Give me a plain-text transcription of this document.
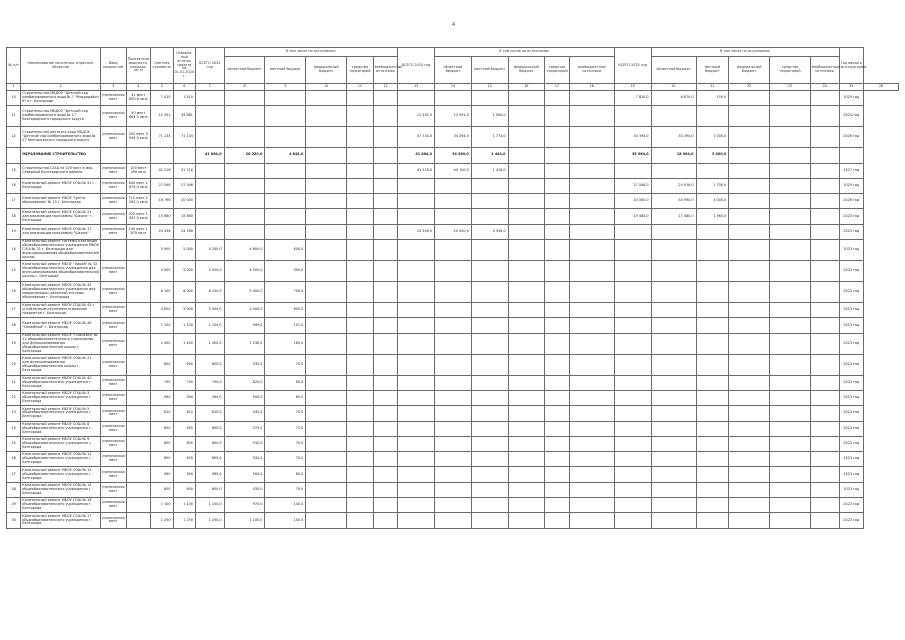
4
№ п/п	Наименование поселения, отраслей, объектов	Ввод мощностей	Показатели мощности, площадь, кв. м	Сметная стоимость	Освоено-ный остаток средств на 01.01.2020 г.	ВСЕГО 2023 год	В том числе по источникам:					ВСЕГО 2024 год	В том числе по источникам:					ВСЕГО 2025 год	В том числе по источникам:					Год ввода в эксплуатацию	
							областной бюджет	местный бюджет	федеральный бюджет	средства территорий	внебюджетные источники		областной бюджет	местный бюджет	федеральный бюджет	средства территорий	внебюджетные источники		областной бюджет	местный бюджет	федеральный бюджет	средства территорий	внебюджетные источники		
1	2	3	4	5	6	7	8	9	10	11	12	13	14	15	16	17	18	19	20	21	22	23	24	25	26
10	Строительство МБДОУ "Детский сад комбинированного вида № 7 "Микрорайон 6" в г. Белгороде	ученических мест	41 мест 650,8 кв.м	7 410	1 410													7 820,0	6 670,0	150,0				2025 год	
11	Строительство МБДОУ "Детский сад комбинированного вида № 17 Белгородского городского округа	ученических мест	40 мест 664,5 кв.м	12 591	34 881							12 591,0	12 591,0	1 000,0										2024 год	
12	Строительство детского сада МБДОУ "Детский сад комбинированного вида № 27 Белгородского городского округа	ученических мест	200 мест 3 594,0 кв.м	71 134	71 134							47 734,0	34 394,0	1 774,0				34 394,0	30 394,0	1 000,0				2026 год	
	ОБРАЗОВАНИЕ СТРОИТЕЛЬСТВО					41 064,0	28 220,0	4 844,0				41 064,0	34 080,0	2 444,0				35 064,0	18 064,0	3 000,0					
15	Строительство СОШ на 100 мест в мкр. Северный Белгородского района	ученических мест	100 мест 490 кв.м	41 216	41 216							41 216,0	40 100,0	1 416,0										2027 год	
16	Капитальный ремонт МБОУ СОШ № 41 г. Белгорода	ученических мест	840 мест 1 675,0 кв.м	27 546	27 546													27 546,0	24 916,0	2 700,0				2025 год	
17	Капитальный ремонт МБОУ "Центр образования" № 13 г. Белгорода	ученических мест	710 мест 1 262,4 кв.м	16 796	20 000													20 000,0	34 990,0	3 000,0				2026 год	
18	Капитальный ремонт МБОУ СОШ № 21 для реализации программы "Школа" г. Белгорода	ученических мест	320 мест 1 367,0 кв.м	15 660	15 660													19 464,0	17 480,0	1 964,0				2025 год	
19	Капитальный ремонт МБОУ СОШ № 17 для реализации программы "Школа"	ученических мест	140 мест 1 670 кв.м	24 356	24 356							24 356,0	20 000,0	4 356,0										2025 год	
14	Капитальный ремонт системы отопления общеобразовательного учреждения МБОУ СОШ № 21 г. Белгорода для функционирования общеобразовательной школы			5 900	5 000	5 200,0	4 600,0	600,0																2023 год	
15	Капитальный ремонт МБОУ "Лицей" № 32 общеобразовательного учреждения для функционирования общеобразовательной школы г. Белгорода	ученических мест		4 500	5 000	5 000,0	4 500,0	500,0																2023 год	
16	Капитальный ремонт МБОУ СОШ № 45 общеобразовательного учреждения для модернизации школьной системы образования г. Белгорода	ученических мест		6 100	6 000	6 100,0	5 400,0	700,0																2023 год	
17	Капитальный ремонт МБОУ СОШ № 43 с углубленным изучением отдельных предметов г. Белгорода	ученических мест		4 800	5 000	5 000,0	4 400,0	600,0																2023 год	
18	Капитальный ремонт МБОУ СОШ № 49 "Семейный" г. Белгорода	ученических мест		1 100	1 100	1 100,0	949,0	151,0																2023 год	
19	Капитальный ремонт МБОУ "Гимназия" № 22 общеобразовательного учреждения для функционирования общеобразовательной школы г. Белгорода	ученических мест		1 400	1 400	1 400,0	1 236,0	164,0																2023 год	
20	Капитальный ремонт МБОУ СОШ № 21 для функционирования общеобразовательной школы г. Белгорода	ученических мест		600	600	600,0	530,0	70,0																2023 год	
21	Капитальный ремонт МБОУ СОШ № 40 общеобразовательного учреждения г. Белгорода	ученических мест		700	700	700,0	620,0	80,0																2023 год	
22	Капитальный ремонт МБОУ СОШ № 3 общеобразовательного учреждения г. Белгорода	ученических мест		560	560	560,0	500,0	60,0																2023 год	
23	Капитальный ремонт МБОУ СОШ № 5 общеобразовательного учреждения г. Белгорода	ученических мест		610	610	610,0	540,0	70,0																2023 год	
24	Капитальный ремонт МБОУ СОШ № 8 общеобразовательного учреждения г. Белгорода	ученических мест		650	650	650,0	575,0	75,0																2023 год	
25	Капитальный ремонт МБОУ СОШ № 9 общеобразовательного учреждения г. Белгорода	ученических мест		600	600	600,0	530,0	70,0																2023 год	
26	Капитальный ремонт МБОУ СОШ № 11 общеобразовательного учреждения г. Белгорода	ученических мест		600	600	600,0	530,0	70,0																2023 год	
27	Капитальный ремонт МБОУ СОШ № 12 общеобразовательного учреждения г. Белгорода	ученических мест		560	560	560,0	500,0	60,0																2023 год	
28	Капитальный ремонт МБОУ СОШ № 14 общеобразовательного учреждения г. Белгорода	ученических мест		600	600	600,0	530,0	70,0																2023 год	
29	Капитальный ремонт МБОУ СОШ № 16 общеобразовательного учреждения г. Белгорода	ученических мест		1 100	1 100	1 100,0	970,0	130,0																2023 год	
30	Капитальный ремонт МБОУ СОШ № 17 общеобразовательного учреждения г. Белгорода	ученических мест		1 250	1 250	1 250,0	1 100,0	150,0																2023 год	
